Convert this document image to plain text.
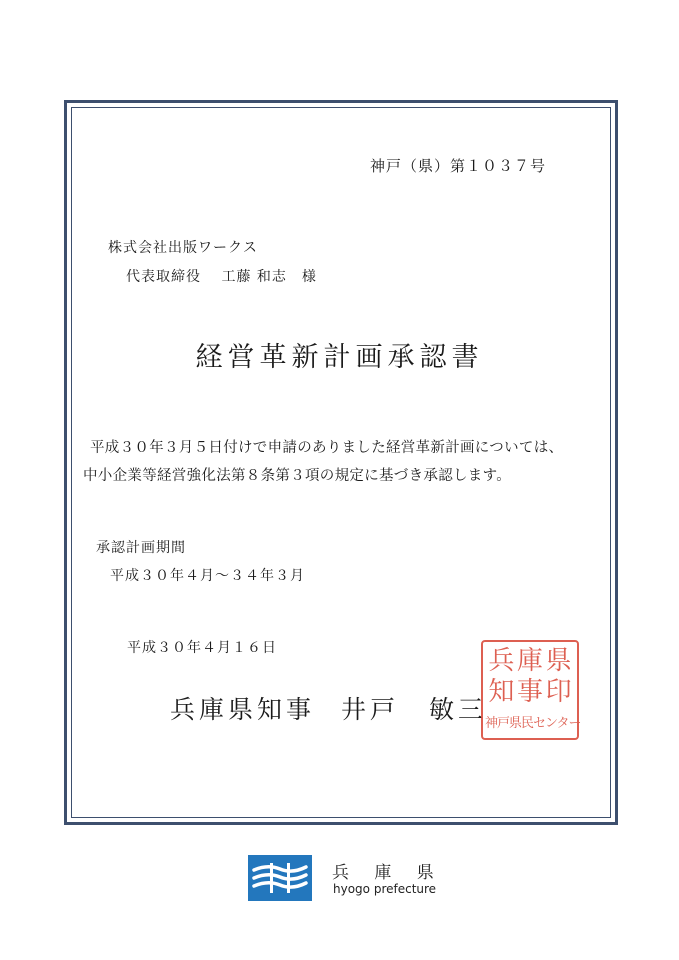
神戸（県）第１０３７号
株式会社出版ワークス
代表取締役　 工藤 和志　様
経営革新計画承認書
平成３０年３月５日付けで申請のありました経営革新計画については、
中小企業等経営強化法第８条第３項の規定に基づき承認します。
承認計画期間
平成３０年４月～３４年３月
平成３０年４月１６日
兵庫県知事 井戸 敏三
兵 庫 県
知 事 印
神戸県民センター
兵 庫 県
hyogo prefecture
